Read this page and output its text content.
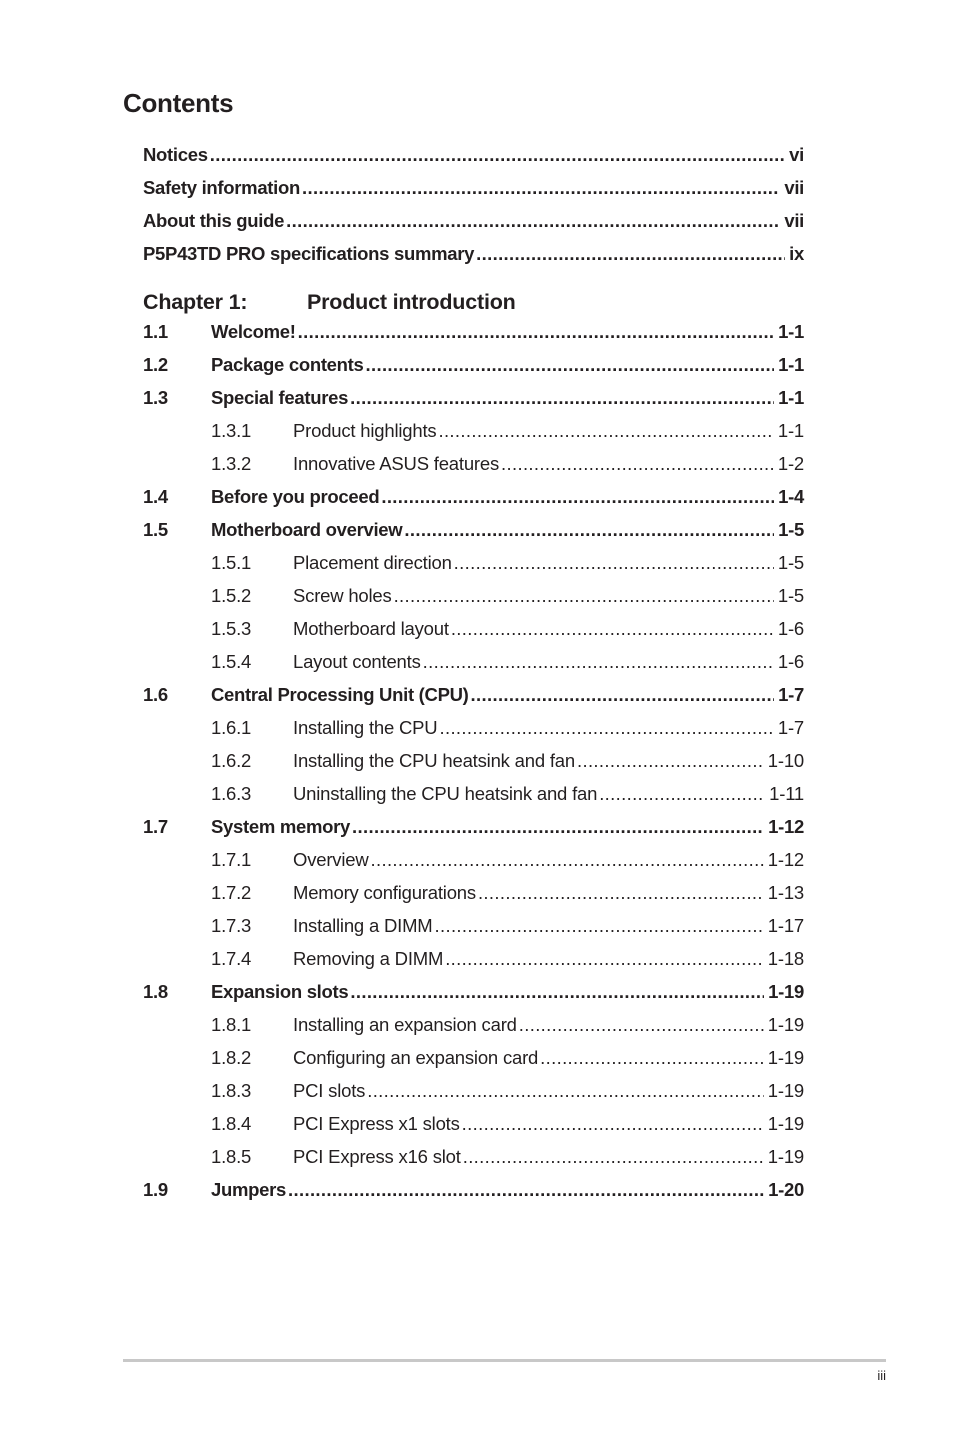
Contents
Notices . . .	vi
Safety information . . .	vii
About this guide . . .	vii
P5P43TD PRO specifications summary . . .	ix
Chapter 1:	Product introduction
1.1	Welcome! . . .	1-1
1.2	Package contents . . .	1-1
1.3	Special features . . .	1-1
1.3.1	Product highlights . . .	1-1
1.3.2	Innovative ASUS features . . .	1-2
1.4	Before you proceed . . .	1-4
1.5	Motherboard overview . . .	1-5
1.5.1	Placement direction . . .	1-5
1.5.2	Screw holes . . .	1-5
1.5.3	Motherboard layout . . .	1-6
1.5.4	Layout contents . . .	1-6
1.6	Central Processing Unit (CPU) . . .	1-7
1.6.1	Installing the CPU . . .	1-7
1.6.2	Installing the CPU heatsink and fan . . .	1-10
1.6.3	Uninstalling the CPU heatsink and fan . . .	1-11
1.7	System memory . . .	1-12
1.7.1	Overview . . .	1-12
1.7.2	Memory configurations . . .	1-13
1.7.3	Installing a DIMM . . .	1-17
1.7.4	Removing a DIMM . . .	1-18
1.8	Expansion slots . . .	1-19
1.8.1	Installing an expansion card . . .	1-19
1.8.2	Configuring an expansion card . . .	1-19
1.8.3	PCI slots . . .	1-19
1.8.4	PCI Express x1 slots . . .	1-19
1.8.5	PCI Express x16 slot . . .	1-19
1.9	Jumpers . . .	1-20
iii
